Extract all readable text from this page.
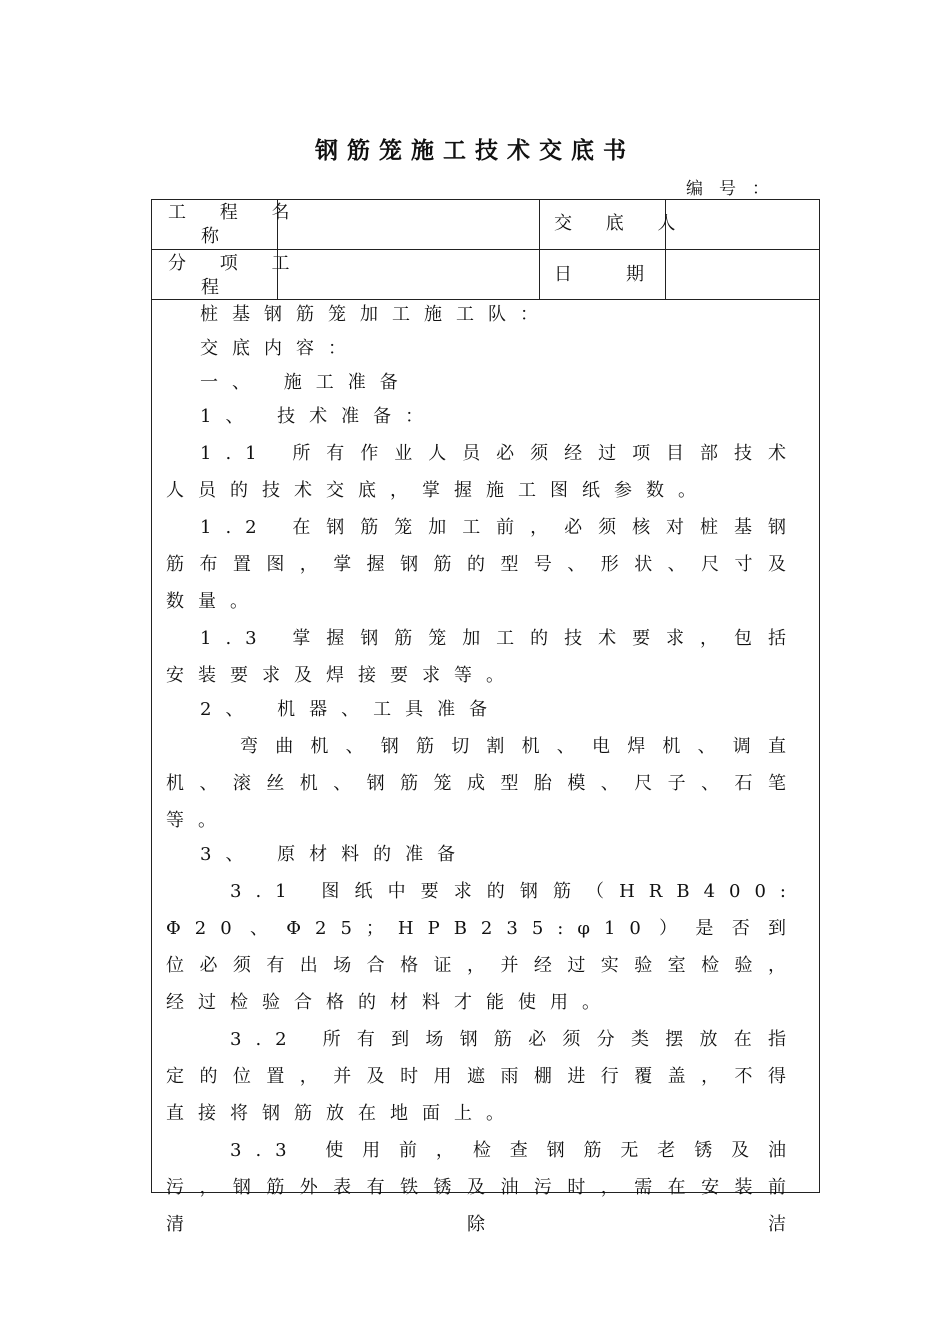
钢筋笼施工技术交底书
编号：
工 程 名
称
交 底 人
分 项 工
程
日　　期

桩基钢筋笼加工施工队：

交底内容：

一、 施工准备

1、 技术准备：

1.1 所有作业人员必须经过项目部技术人员的技术交底，掌握施工图纸参数。

1.2 在钢筋笼加工前，必须核对桩基钢筋布置图，掌握钢筋的型号、形状、尺寸及数量。

1.3 掌握钢筋笼加工的技术要求，包括安装要求及焊接要求等。

2、 机器、工具准备

弯曲机、钢筋切割机、电焊机、调直机、滚丝机、钢筋笼成型胎模、尺子、石笔等。

3、 原材料的准备

3.1 图纸中要求的钢筋（HRB400:Φ20、Φ25；HPB235:φ10）是否到位必须有出场合格证，并经过实验室检验，经过检验合格的材料才能使用。

3.2 所有到场钢筋必须分类摆放在指定的位置，并及时用遮雨棚进行覆盖，不得直接将钢筋放在地面上。

3.3 使用前，检查钢筋无老锈及油污，钢筋外表有铁锈及油污时，需在安装前清除洁
